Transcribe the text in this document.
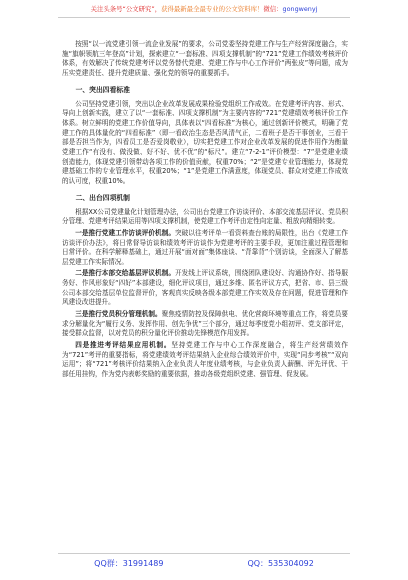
关注头条号“公文研究”，获得最新最全最专业的公文资料库！微信：gongwenyj

按照“以一流党建引领一流企业发展”的要求，公司党委坚持党建工作与生产经营深度融合，实施“旗帜领航三年登高”计划，探索建立“一套标准、四项支撑机制”的“721”党建工作绩效考核评价体系，有效解决了传统党建考评以党务替代党建、党建工作与中心工作评价“两张皮”等问题，成为压实党建责任、提升党建质量、强化党的领导的重要抓手。

一、突出四看标准

公司坚持党建引领，突出以企业改革发展成果检验党组织工作成效。在党建考评内容、形式、导向上创新实践，建立了以“一套标准、四项支撑机制”为主要内容的“721”党建绩效考核评价工作体系。树立鲜明的党建工作价值导向，具体表以“四看标准”为核心，通过创新评价模式，明确了党建工作的具体量化的“四看标准”（即一看政治生态是否风清气正，二看班子是否干事创业，三看干部是否担当作为，四看员工是否爱岗敬业），切实把党建工作对企业改革发展的促进作用作为衡量党建工作“有没有、做没做、好不好、优不优”的“标尺”。建立“7-2-1”评价模型：“7”是党建业绩创造能力，体现党建引领带动各项工作的价值贡献，权重70%；“2”是党建专业管理能力，体现党建基础工作的专业管理水平，权重20%；“1”是党建工作满意度，体现党员、群众对党建工作成效的认可度，权重10%。

二、出台四项机制

根据XX公司党建量化计划管理办法，公司出台党建工作访谈评价、本部交流基层评议、党员积分管理、党建考评结果运用等四项支撑机制，使党建工作考评由定性向定量、粗放向精细转变。

一是推行党建工作访谈评价机制。突破以往考评单一看资料查台账的局限性，出台《党建工作访谈评价办法》，将日常督导访谈和绩效考评访谈作为党建考评的主要手段，更加注重过程管理和日常评价。在科学解释基础上，通过开展“面对面”集体座谈、“背靠背”个别访谈，全面深入了解基层党建工作实际情况。

二是推行本部交给基层评议机制。开发线上评议系统，围绕团队建设好、沟通协作好、指导服务好、作风形象好“四好”本部建设，细化评议项目，通过多维、匿名评议方式，把省、市、县三级公司本部交给基层单位监督评价，客观真实反映各级本部党建工作实效及存在问题，促进管理和作风建设改进提升。

三是推行党员积分管理机制。聚焦疫情防控及保障供电、优化营商环境等重点工作，将党员要求分解量化为“履行义务、发挥作用、创先争优”三个部分，通过每季度党小组初评、党支部评定，接受群众监督，以对党员的积分量化评价推动先锋模范作用发挥。

四是推进考评结果应用机制。坚持党建工作与中心工作深度融合，将生产经营绩效作为“721”考评的重要指标，将党建绩效考评结果纳入企业综合绩效评价中，实现“同步考核”“双向运用”；将“721”考核评价结果纳入企业负责人年度业绩考核，与企业负责人薪酬、评先评优、干部任用挂钩，作为党内表彰奖励的重要依据，推动各级党组织党建、强管理、促发展。

QQ群：31991489	QQ：535304092
